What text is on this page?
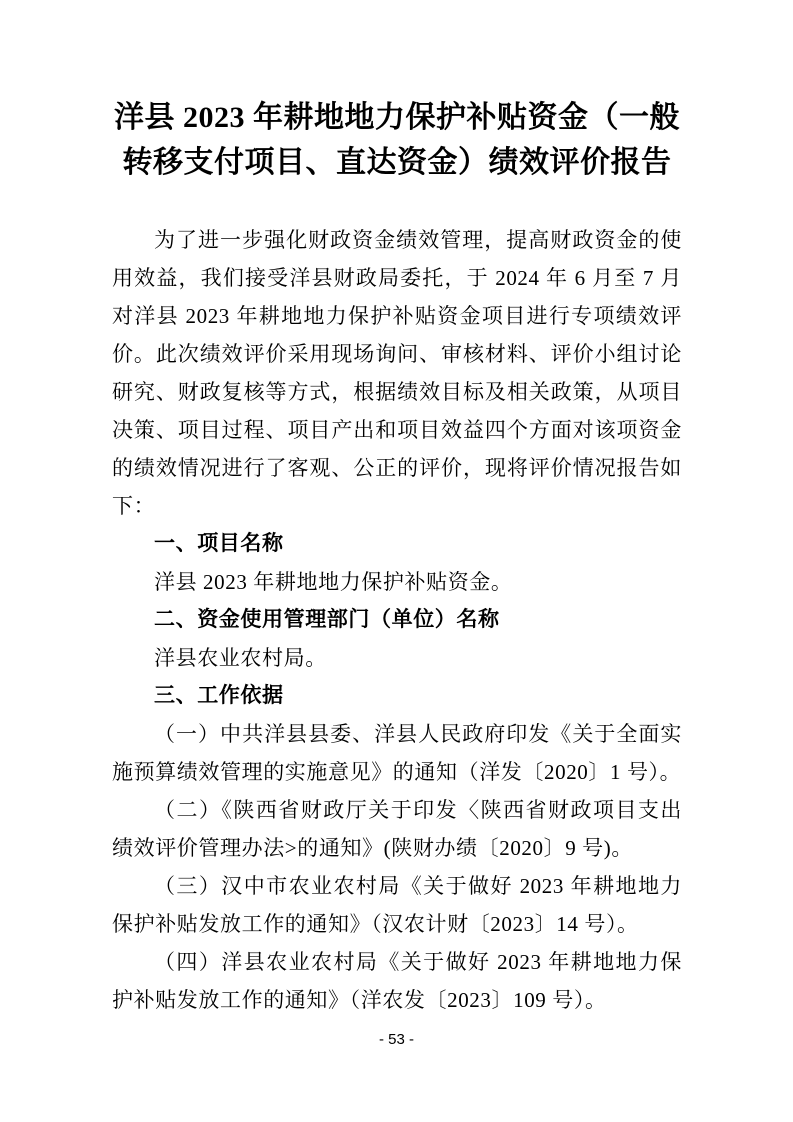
洋县 2023 年耕地地力保护补贴资金（一般
转移支付项目、直达资金）绩效评价报告
为了进一步强化财政资金绩效管理，提高财政资金的使用效益，我们接受洋县财政局委托，于 2024 年 6 月至 7 月对洋县 2023 年耕地地力保护补贴资金项目进行专项绩效评价。此次绩效评价采用现场询问、审核材料、评价小组讨论研究、财政复核等方式，根据绩效目标及相关政策，从项目决策、项目过程、项目产出和项目效益四个方面对该项资金的绩效情况进行了客观、公正的评价，现将评价情况报告如下：
一、项目名称
洋县 2023 年耕地地力保护补贴资金。
二、资金使用管理部门（单位）名称
洋县农业农村局。
三、工作依据
（一）中共洋县县委、洋县人民政府印发《关于全面实施预算绩效管理的实施意见》的通知（洋发〔2020〕1 号）。
（二）《陕西省财政厅关于印发〈陕西省财政项目支出绩效评价管理办法>的通知》(陕财办绩〔2020〕9 号)。
（三）汉中市农业农村局《关于做好 2023 年耕地地力保护补贴发放工作的通知》（汉农计财〔2023〕14 号）。
（四）洋县农业农村局《关于做好 2023 年耕地地力保护补贴发放工作的通知》（洋农发〔2023〕109 号）。
- 53 -
